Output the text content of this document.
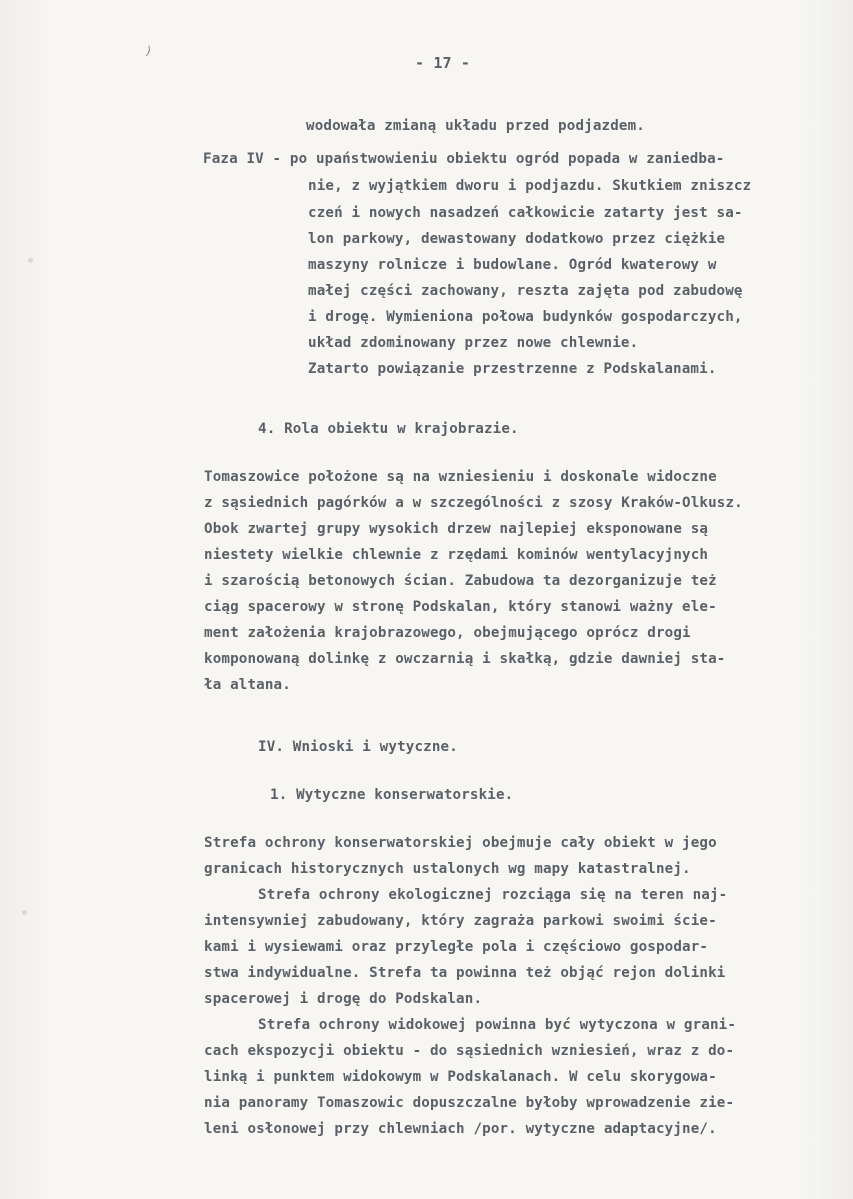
)
- 17 -
wodowała zmianą układu przed podjazdem.
Faza IV - po upaństwowieniu obiektu ogród popada w zaniedba-
nie, z wyjątkiem dworu i podjazdu. Skutkiem zniszcz
czeń i nowych nasadzeń całkowicie zatarty jest sa-
lon parkowy, dewastowany dodatkowo przez ciężkie
maszyny rolnicze i budowlane. Ogród kwaterowy w
małej części zachowany, reszta zajęta pod zabudowę
i drogę. Wymieniona połowa budynków gospodarczych,
układ zdominowany przez nowe chlewnie.
Zatarto powiązanie przestrzenne z Podskalanami.
4. Rola obiektu w krajobrazie.
Tomaszowice położone są na wzniesieniu i doskonale widoczne
z sąsiednich pagórków a w szczególności z szosy Kraków-Olkusz.
Obok zwartej grupy wysokich drzew najlepiej eksponowane są
niestety wielkie chlewnie z rzędami kominów wentylacyjnych
i szarością betonowych ścian. Zabudowa ta dezorganizuje też
ciąg spacerowy w stronę Podskalan, który stanowi ważny ele-
ment założenia krajobrazowego, obejmującego oprócz drogi
komponowaną dolinkę z owczarnią i skałką, gdzie dawniej sta-
ła altana.
IV. Wnioski i wytyczne.
1. Wytyczne konserwatorskie.
Strefa ochrony konserwatorskiej obejmuje cały obiekt w jego
granicach historycznych ustalonych wg mapy katastralnej.
Strefa ochrony ekologicznej rozciąga się na teren naj-
intensywniej zabudowany, który zagraża parkowi swoimi ście-
kami i wysiewami oraz przyległe pola i częściowo gospodar-
stwa indywidualne. Strefa ta powinna też objąć rejon dolinki
spacerowej i drogę do Podskalan.
Strefa ochrony widokowej powinna być wytyczona w grani-
cach ekspozycji obiektu - do sąsiednich wzniesień, wraz z do-
linką i punktem widokowym w Podskalanach. W celu skorygowa-
nia panoramy Tomaszowic dopuszczalne byłoby wprowadzenie zie-
leni osłonowej przy chlewniach /por. wytyczne adaptacyjne/.
